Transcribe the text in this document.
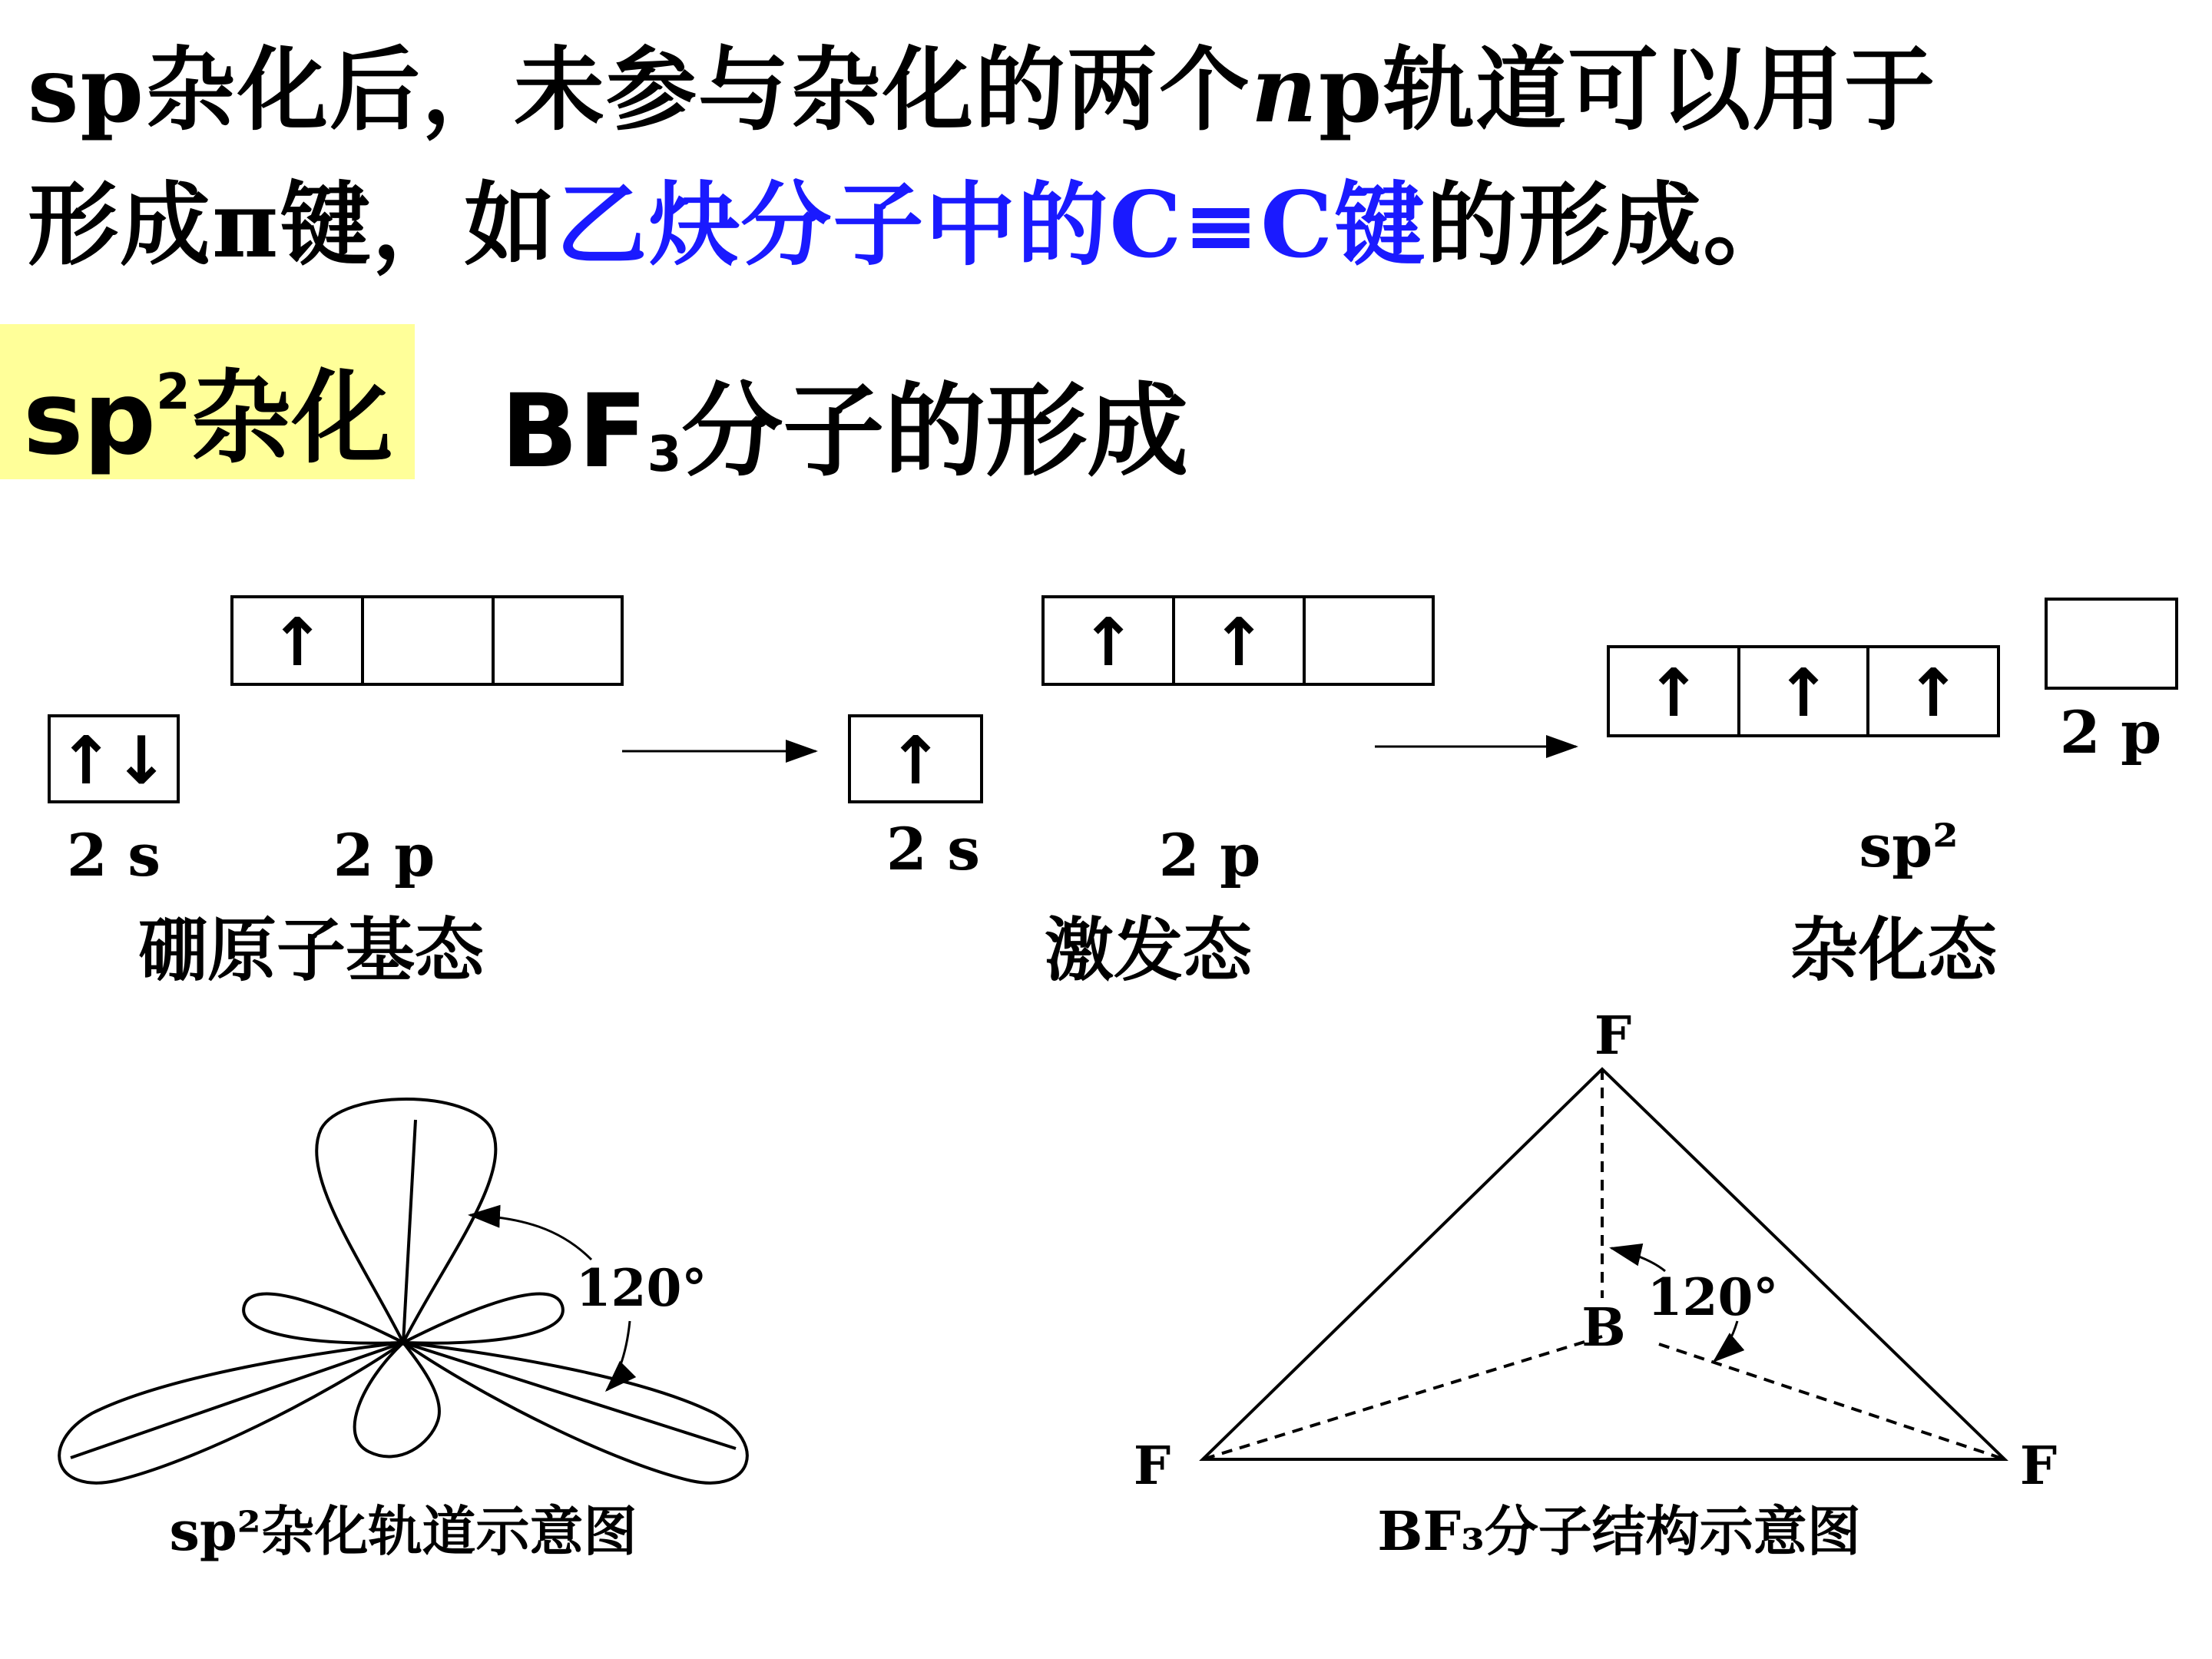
sp杂化后，未参与杂化的两个np轨道可以用于
形成π键，如乙炔分子中的C≡C键的形成。
$sp^2$杂化 BF3分子的形成
↑↓
↑
↑
↑ ↑
↑ ↑ ↑
2 s	2 p	2 s	2 p	sp²
2 p
硼原子基态	激发态	杂化态
120°
sp²杂化轨道示意图
F
F	F
B 120°
BF₃分子结构示意图
